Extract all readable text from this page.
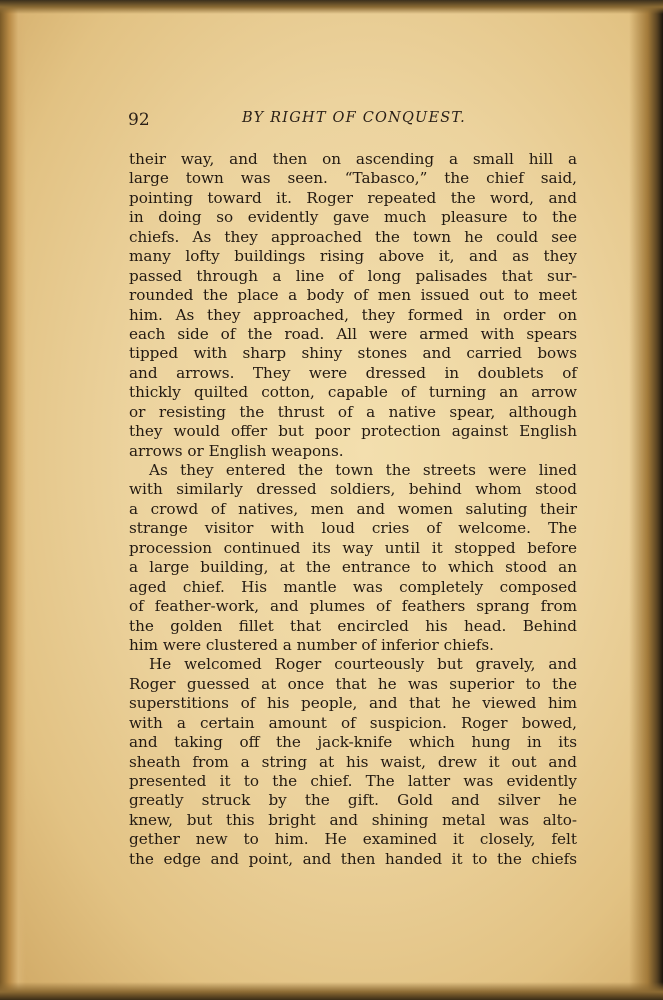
92	BY RIGHT OF CONQUEST.
their way, and then on ascending a small hill a
large town was seen. “Tabasco,” the chief said,
pointing toward it. Roger repeated the word, and
in doing so evidently gave much pleasure to the
chiefs. As they approached the town he could see
many lofty buildings rising above it, and as they
passed through a line of long palisades that sur-
rounded the place a body of men issued out to meet
him. As they approached, they formed in order on
each side of the road. All were armed with spears
tipped with sharp shiny stones and carried bows
and arrows. They were dressed in doublets of
thickly quilted cotton, capable of turning an arrow
or resisting the thrust of a native spear, although
they would offer but poor protection against English
arrows or English weapons.
As they entered the town the streets were lined
with similarly dressed soldiers, behind whom stood
a crowd of natives, men and women saluting their
strange visitor with loud cries of welcome. The
procession continued its way until it stopped before
a large building, at the entrance to which stood an
aged chief. His mantle was completely composed
of feather-work, and plumes of feathers sprang from
the golden fillet that encircled his head. Behind
him were clustered a number of inferior chiefs.
He welcomed Roger courteously but gravely, and
Roger guessed at once that he was superior to the
superstitions of his people, and that he viewed him
with a certain amount of suspicion. Roger bowed,
and taking off the jack-knife which hung in its
sheath from a string at his waist, drew it out and
presented it to the chief. The latter was evidently
greatly struck by the gift. Gold and silver he
knew, but this bright and shining metal was alto-
gether new to him. He examined it closely, felt
the edge and point, and then handed it to the chiefs
